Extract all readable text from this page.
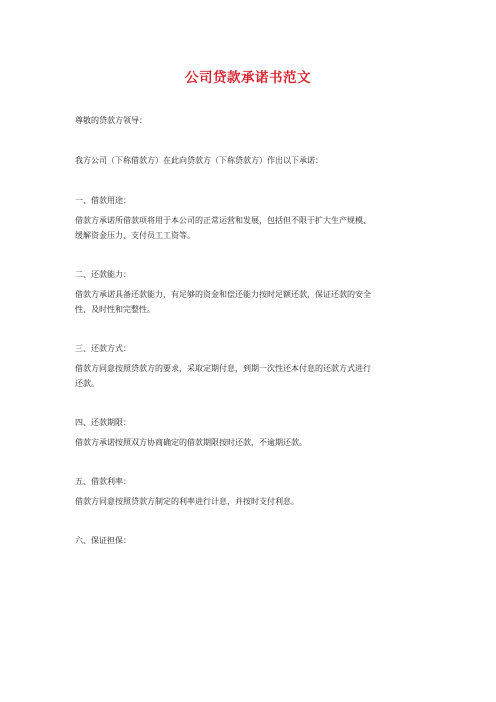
公司贷款承诺书范文
尊敬的贷款方领导：
我方公司（下称借款方）在此向贷款方（下称贷款方）作出以下承诺：
一、借款用途：
借款方承诺所借款项将用于本公司的正常运营和发展，包括但不限于扩大生产规模、
缓解资金压力、支付员工工资等。
二、还款能力：
借款方承诺具备还款能力，有足够的资金和偿还能力按时足额还款，保证还款的安全
性、及时性和完整性。
三、还款方式：
借款方同意按照贷款方的要求，采取定期付息，到期一次性还本付息的还款方式进行
还款。
四、还款期限：
借款方承诺按照双方协商确定的借款期限按时还款，不逾期还款。
五、借款利率：
借款方同意按照贷款方制定的利率进行计息，并按时支付利息。
六、保证担保：
